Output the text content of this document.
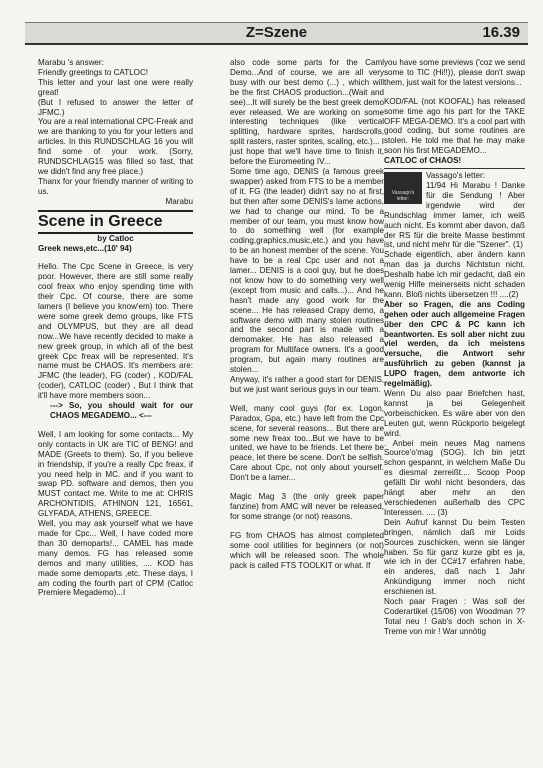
Z=Szene	16.39

Marabu 's answer:

Friendly greetings to CATLOC!

This letter and your last one were really great!

(But I refused to answer the letter of JFMC.)

You are a real international CPC-Freak and we are thanking to you for your letters and articles. In this RUNDSCHLAG 16 you will find some of your work. (Sorry, RUNDSCHLAG15 was filled so fast, that we didn't find any free place.)

Thanx for your friendly manner of writing to us.

Marabu

Scene in Greece

by Catloc

Greek news,etc...(10' 94)

Hello. The Cpc Scene in Greece, is very poor. However, there are still some really cool freax who enjoy spending time with their Cpc. Of course, there are some lamers (I believe you know'em) too. There were some greek demo groups, like FTS and OLYMPUS, but they are all dead now...We have recently decided to make a new greek group, in which all of the best greek Cpc freax will be represented. It's name must be CHAOS. It's members are: JFMC (the leader), FG (coder) , KOD/FAL (coder), CATLOC (coder) , But I think that it'll have more members soon...

---> So, you should wait for our CHAOS MEGADEMO... <---

Well, I am looking for some contacts... My only contacts in UK are TIC of BENG! and MADE (Greets to them). So, if you believe in friendship, if you're a really Cpc freax, if you need help in MC. and if you want to swap PD. software and demos, then you MUST contact me. Write to me at: CHRIS ARCHONTIDIS, ATHINON 121, 16561, GLYFADA, ATHENS, GREECE.

Well, you may ask yourself what we have made for Cpc... Well, I have coded more than 30 demoparts!... CAMEL has made many demos. FG has released some demos and many utilities, .... KOD has made some demoparts ,etc. These days, I am coding the fourth part of CPM (Catloc Premiere Megademo)...I

also code some parts for the Caml Demo...And of course, we are all very busy with our best demo (...) , which will be the first CHAOS production...(Wait and see)...It will surely be the best greek demo ever released. We are working on some interesting techniques (like vertical splitting, hardware sprites, hardscrolls, split rasters, raster sprites, scaling, etc.)... I just hope that we'll have time to finish it, before the Euromeeting IV...

Some time ago, DENIS (a famous greek swapper) asked from FTS to be a member of it. FG (the leader) didn't say no at first, but then after some DENIS's lame actions, we had to change our mind. To be a member of our team, you must know how to do something well (for example coding,graphics,music,etc.) and you have to be an honest member of the scene. You have to be a real Cpc user and not a lamer... DENIS is a cool guy, but he does not know how to do something very well (except from music and calls...)... And he hasn't made any good work for the scene... He has released Crapy demo, a software demo with many stolen routines and the second part is made with a demomaker. He has also released a program for Multiface owners. It's a good program, but again many routines are stolen...

Anyway, it's rather a good start for DENIS, but we just want serious guys in our team.

Well, many cool guys (for ex. Logon, Paradox, Gpa, etc.) have left from the Cpc scene, for several reasons... But there are some new freax too...But we have to be united, we have to be friends. Let there be peace, let there be scene. Don't be selfish. Care about Cpc, not only about yourself. Don't be a lamer...

Magic Mag 3 (the only greek paper fanzine) from AMC will never be released, for some strange (or not) reasons.

FG from CHAOS has almost completed some cool utilities for beginners (or not) which will be released soon. The whole pack is called FTS TOOLKIT or what. If

you have some previews ('coz we send some to TIC (Hi!!)), please don't swap them, just wait for the latest versions...

KOD/FAL (not KOOFAL) has released some time ago his part for the TAKE OFF MEGA-DEMO. It's a cool part with good coding, but some routines are stolen. He told me that he may make soon his first MEGADEMO...

CATLOC of CHAOS!

Vassago's letter:

Vassago's letter:

11/94 Hi Marabu ! Danke für die Sendung ! Aber irgendwie wird der Rundschlag immer lamer, ich weiß auch nicht. Es kommt aber davon, daß der RS für die breite Masse bestimmt ist, und nicht mehr für die "Szener". (1)

Schade eigentlich, aber ändern kann man das ja durchs Nichtstun nicht. Deshalb habe ich mir gedacht, daß ein wenig Hilfe meinerseits nicht schaden kann. Bloß nichts übersetzen !!! ....(2)

Aber so Fragen, die ans Coding gehen oder auch allgemeine Fragen über den CPC & PC kann ich beantworten. Es soll aber nicht zuu viel werden, da ich meistens versuche, die Antwort sehr ausführlich zu geben (kannst ja LUPO fragen, dem antworte ich regelmäßig).

Wenn Du also paar Briefchen hast, kannst ja bei Gelegenheit vorbeischicken. Es wäre aber von den Leuten gut, wenn Rückporto beigelegt wird.

. Anbei mein neues Mag namens Source'o'mag (SOG). Ich bin jetzt schon gespannt, in welchem Maße Du es diesmal zerreißt.... Scoop Poop gefällt Dir wohl nicht besonders, das hängt aber mehr an den verschiedenen außerhalb des CPC Interessen. .... (3)

Dein Aufruf kannst Du beim Testen bringen, nämlich daß mir Loids Sources zuschicken, wenn sie länger haben. So für ganz kurze gibt es ja, wie ich in der CC#17 erfahren habe, ein anderes, daß nach 1 Jahr Ankündigung immer noch nicht erschienen ist.

Noch paar Fragen : Was soll der Coderartikel (15/06) von Woodman ?? Total neu ! Gab's doch schon in X-Treme von mir ! War unnötig
